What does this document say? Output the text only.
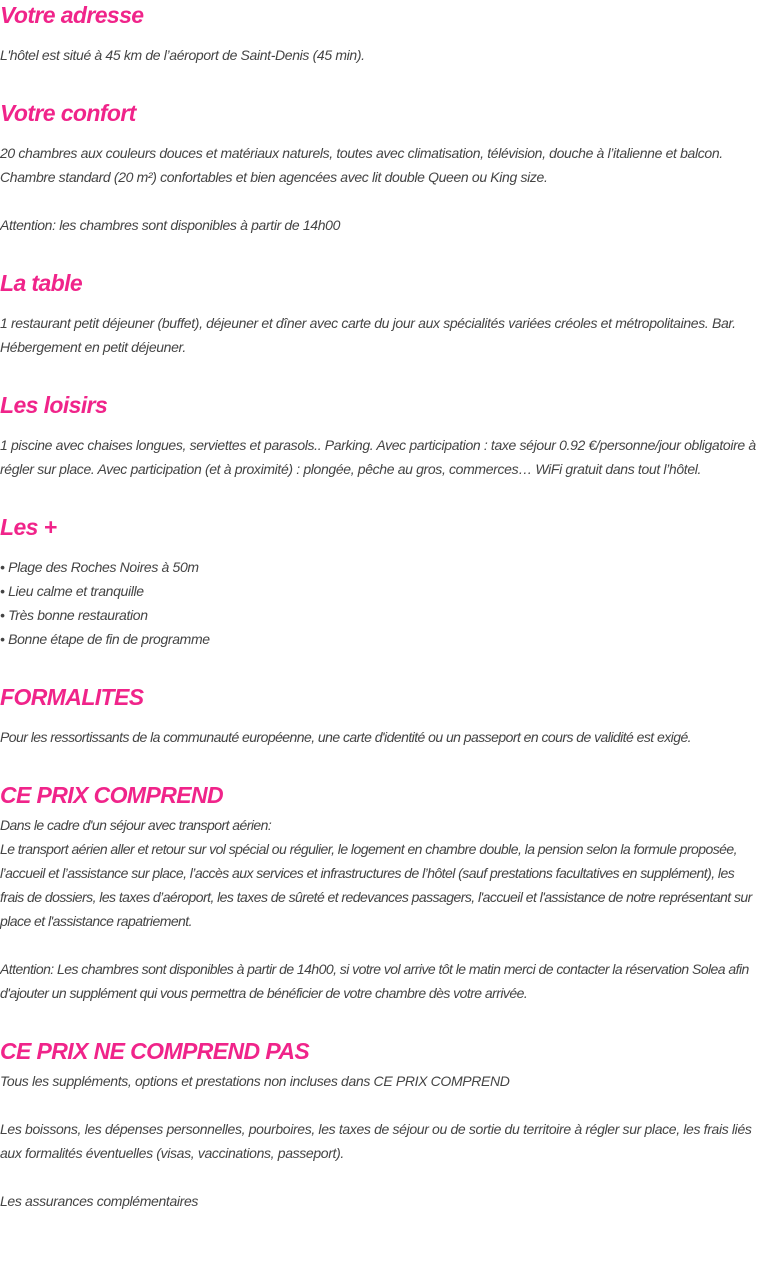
Votre adresse

L'hôtel est situé à 45 km de l’aéroport de Saint-Denis (45 min).

Votre confort

20 chambres aux couleurs douces et matériaux naturels, toutes avec climatisation, télévision, douche à l’italienne et balcon. Chambre standard (20 m²) confortables et bien agencées avec lit double Queen ou King size.

Attention: les chambres sont disponibles à partir de 14h00

La table

1 restaurant petit déjeuner (buffet), déjeuner et dîner avec carte du jour aux spécialités variées créoles et métropolitaines. Bar. Hébergement en petit déjeuner.

Les loisirs

1 piscine avec chaises longues, serviettes et parasols.. Parking. Avec participation : taxe séjour 0.92 €/personne/jour obligatoire à régler sur place. Avec participation (et à proximité) : plongée, pêche au gros, commerces… WiFi gratuit dans tout l’hôtel.

Les +

• Plage des Roches Noires à 50m

• Lieu calme et tranquille

• Très bonne restauration

• Bonne étape de fin de programme

FORMALITES

Pour les ressortissants de la communauté européenne, une carte d'identité ou un passeport en cours de validité est exigé.

CE PRIX COMPREND

Dans le cadre d'un séjour avec transport aérien:

Le transport aérien aller et retour sur vol spécial ou régulier, le logement en chambre double, la pension selon la formule proposée, l’accueil et l’assistance sur place, l’accès aux services et infrastructures de l’hôtel (sauf prestations facultatives en supplément), les frais de dossiers, les taxes d’aéroport, les taxes de sûreté et redevances passagers, l'accueil et l'assistance de notre représentant sur place et l'assistance rapatriement.

Attention: Les chambres sont disponibles à partir de 14h00, si votre vol arrive tôt le matin merci de contacter la réservation Solea afin d'ajouter un supplément qui vous permettra de bénéficier de votre chambre dès votre arrivée.

CE PRIX NE COMPREND PAS

Tous les suppléments, options et prestations non incluses dans CE PRIX COMPREND

Les boissons, les dépenses personnelles, pourboires, les taxes de séjour ou de sortie du territoire à régler sur place, les frais liés aux formalités éventuelles (visas, vaccinations, passeport).

Les assurances complémentaires
